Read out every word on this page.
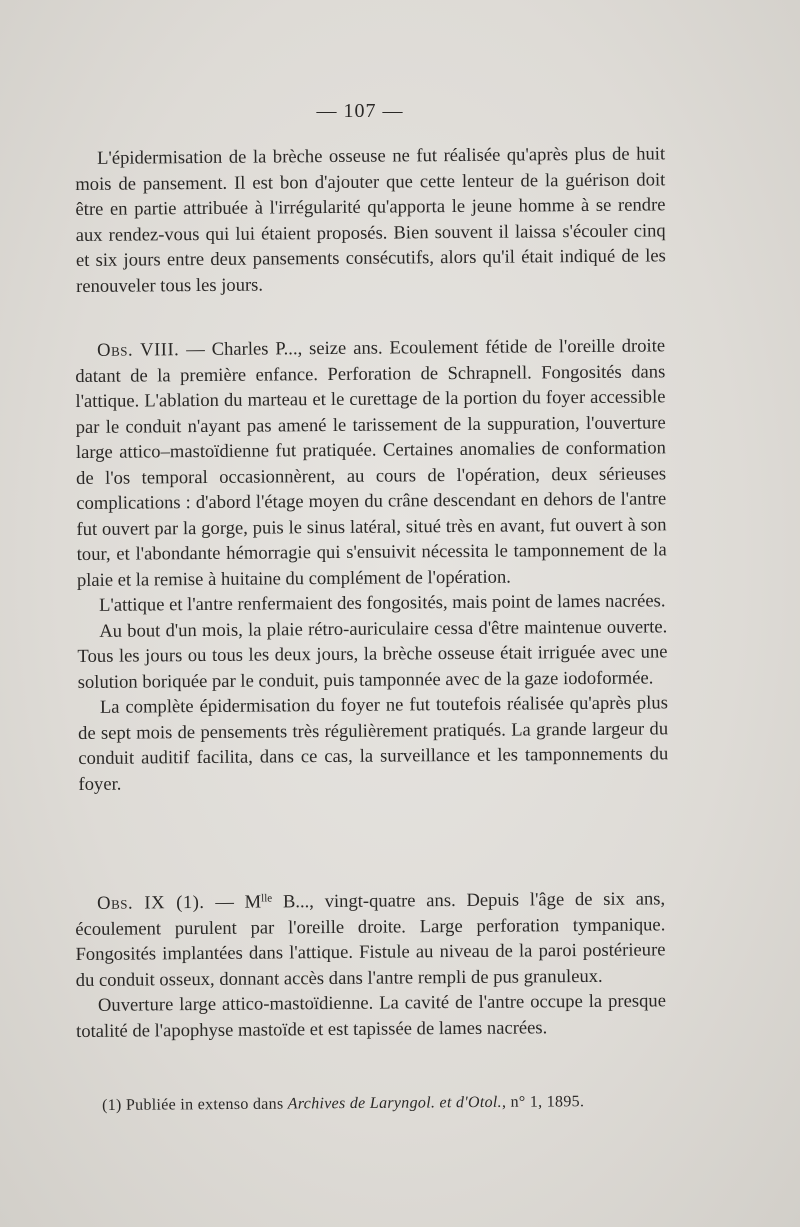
— 107 —

L'épidermisation de la brèche osseuse ne fut réalisée qu'après plus de huit mois de pansement. Il est bon d'ajouter que cette lenteur de la guérison doit être en partie attribuée à l'irrégularité qu'apporta le jeune homme à se rendre aux rendez-vous qui lui étaient proposés. Bien souvent il laissa s'écouler cinq et six jours entre deux pansements consécutifs, alors qu'il était indiqué de les renouveler tous les jours.

Obs. VIII. — Charles P..., seize ans. Ecoulement fétide de l'oreille droite datant de la première enfance. Perforation de Schrapnell. Fongosités dans l'attique. L'ablation du marteau et le curettage de la portion du foyer accessible par le conduit n'ayant pas amené le tarissement de la suppuration, l'ouverture large attico–mastoïdienne fut pratiquée. Certaines anomalies de conformation de l'os temporal occasionnèrent, au cours de l'opération, deux sérieuses complications : d'abord l'étage moyen du crâne descendant en dehors de l'antre fut ouvert par la gorge, puis le sinus latéral, situé très en avant, fut ouvert à son tour, et l'abondante hémorragie qui s'ensuivit nécessita le tamponnement de la plaie et la remise à huitaine du complément de l'opération.

L'attique et l'antre renfermaient des fongosités, mais point de lames nacrées.

Au bout d'un mois, la plaie rétro-auriculaire cessa d'être maintenue ouverte. Tous les jours ou tous les deux jours, la brèche osseuse était irriguée avec une solution boriquée par le conduit, puis tamponnée avec de la gaze iodoformée.

La complète épidermisation du foyer ne fut toutefois réalisée qu'après plus de sept mois de pensements très régulièrement pratiqués. La grande largeur du conduit auditif facilita, dans ce cas, la surveillance et les tamponnements du foyer.

Obs. IX (1). — $M^{lle}$ B..., vingt-quatre ans. Depuis l'âge de six ans, écoulement purulent par l'oreille droite. Large perforation tympanique. Fongosités implantées dans l'attique. Fistule au niveau de la paroi postérieure du conduit osseux, donnant accès dans l'antre rempli de pus granuleux.

Ouverture large attico-mastoïdienne. La cavité de l'antre occupe la presque totalité de l'apophyse mastoïde et est tapissée de lames nacrées.

(1) Publiée in extenso dans Archives de Laryngol. et d'Otol., n° 1, 1895.
